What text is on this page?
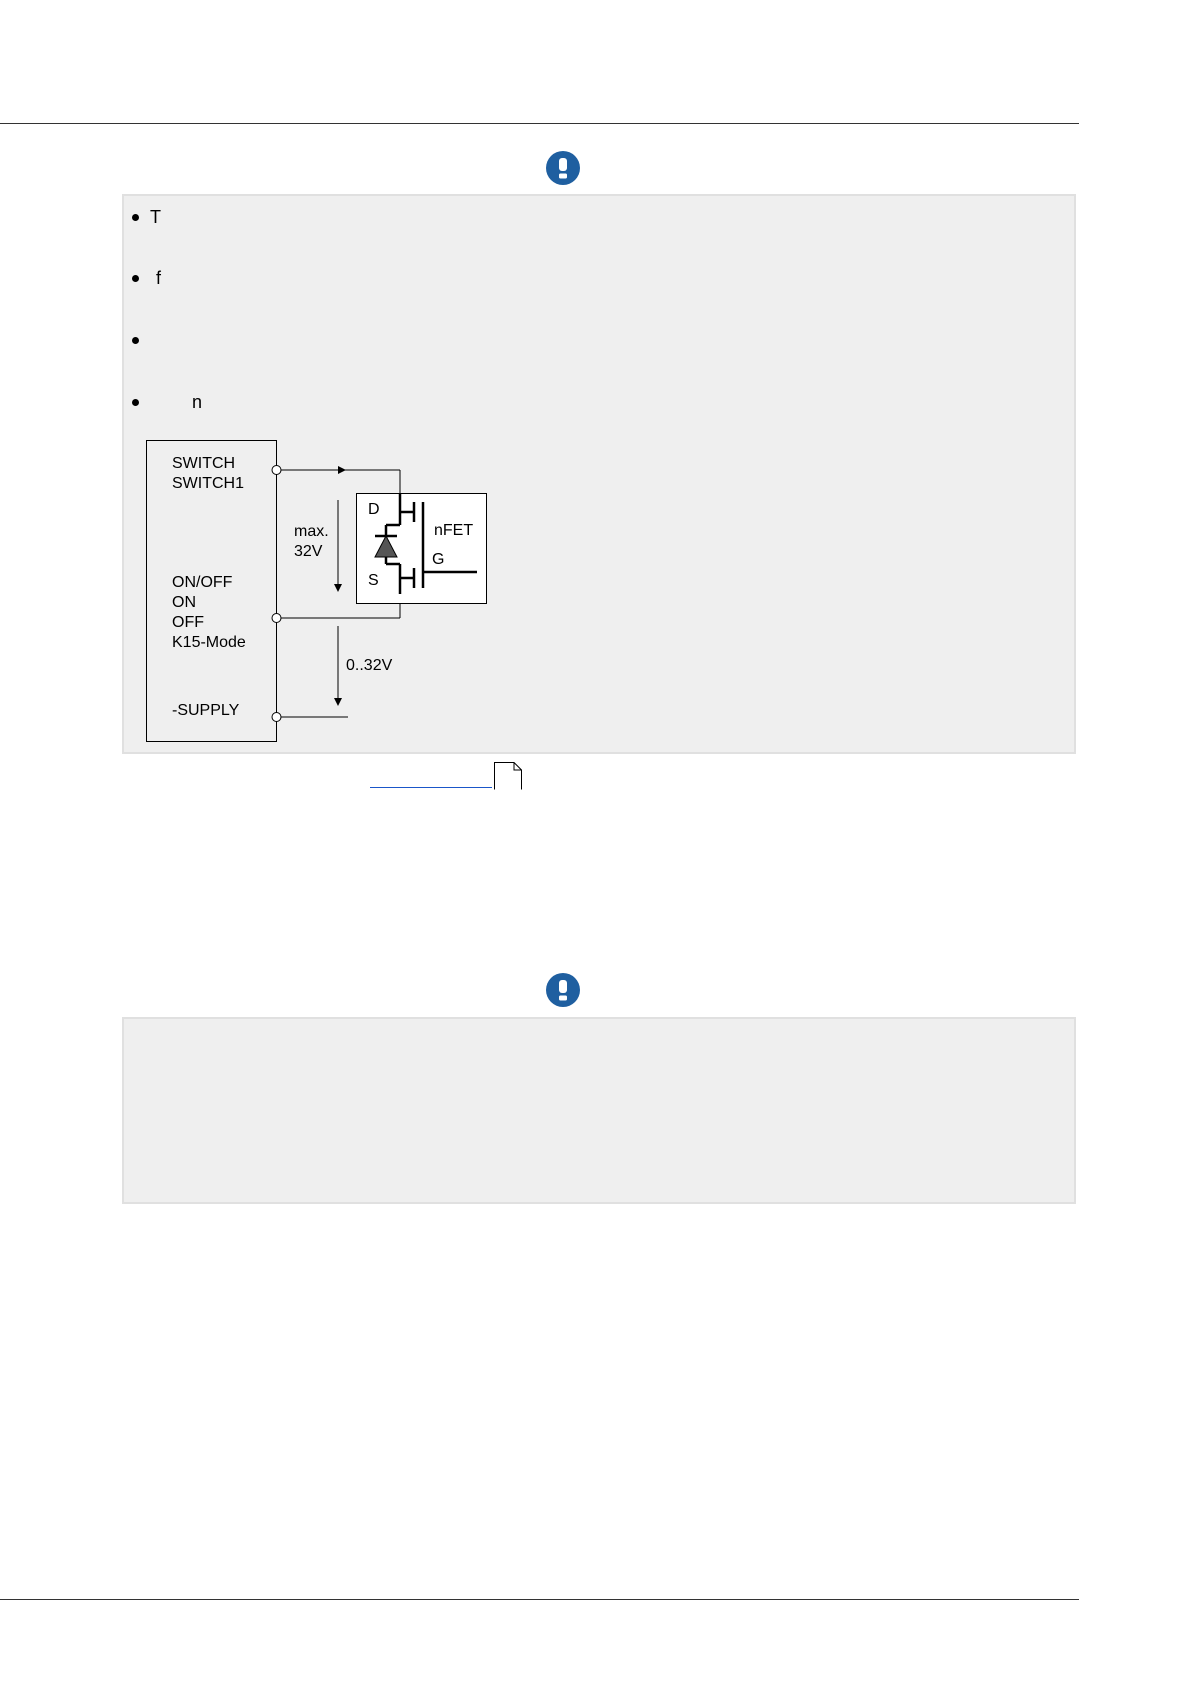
T
f
n
SWITCH
SWITCH1
ON/OFF
ON
OFF
K15-Mode
-SUPPLY
max.
32V
0..32V
D
S
nFET
G
